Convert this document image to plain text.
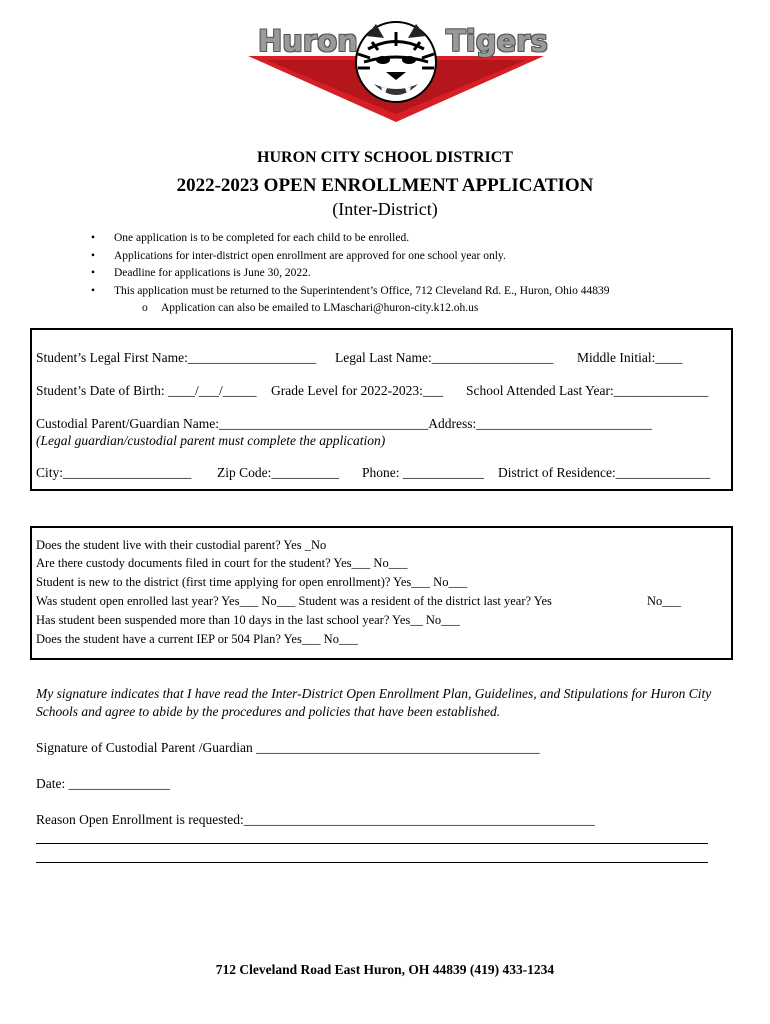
Huron	Tigers
HURON CITY SCHOOL DISTRICT
2022-2023 OPEN ENROLLMENT APPLICATION
(Inter-District)
• One application is to be completed for each child to be enrolled.
• Applications for inter-district open enrollment are approved for one school year only.
• Deadline for applications is June 30, 2022.
• This application must be returned to the Superintendent’s Office, 712 Cleveland Rd. E., Huron, Ohio 44839
o Application can also be emailed to LMaschari@huron-city.k12.oh.us
Student’s Legal First Name:___________________ Legal Last Name:__________________ Middle Initial:____
Student’s Date of Birth: ____/___/_____ Grade Level for 2022-2023:___ School Attended Last Year:______________
Custodial Parent/Guardian Name:_______________________________Address:__________________________
(Legal guardian/custodial parent must complete the application)
City:___________________ Zip Code:__________ Phone: ____________ District of Residence:______________
Does the student live with their custodial parent? Yes _No
Are there custody documents filed in court for the student? Yes___ No___
Student is new to the district (first time applying for open enrollment)? Yes___ No___
Was student open enrolled last year? Yes___ No___ Student was a resident of the district last year? Yes	No___
Has student been suspended more than 10 days in the last school year? Yes__ No___
Does the student have a current IEP or 504 Plan? Yes___ No___
My signature indicates that I have read the Inter-District Open Enrollment Plan, Guidelines, and Stipulations for Huron City Schools and agree to abide by the procedures and policies that have been established.
Signature of Custodial Parent /Guardian __________________________________________
Date: _______________
Reason Open Enrollment is requested:____________________________________________________
712 Cleveland Road East Huron, OH 44839 (419) 433-1234
